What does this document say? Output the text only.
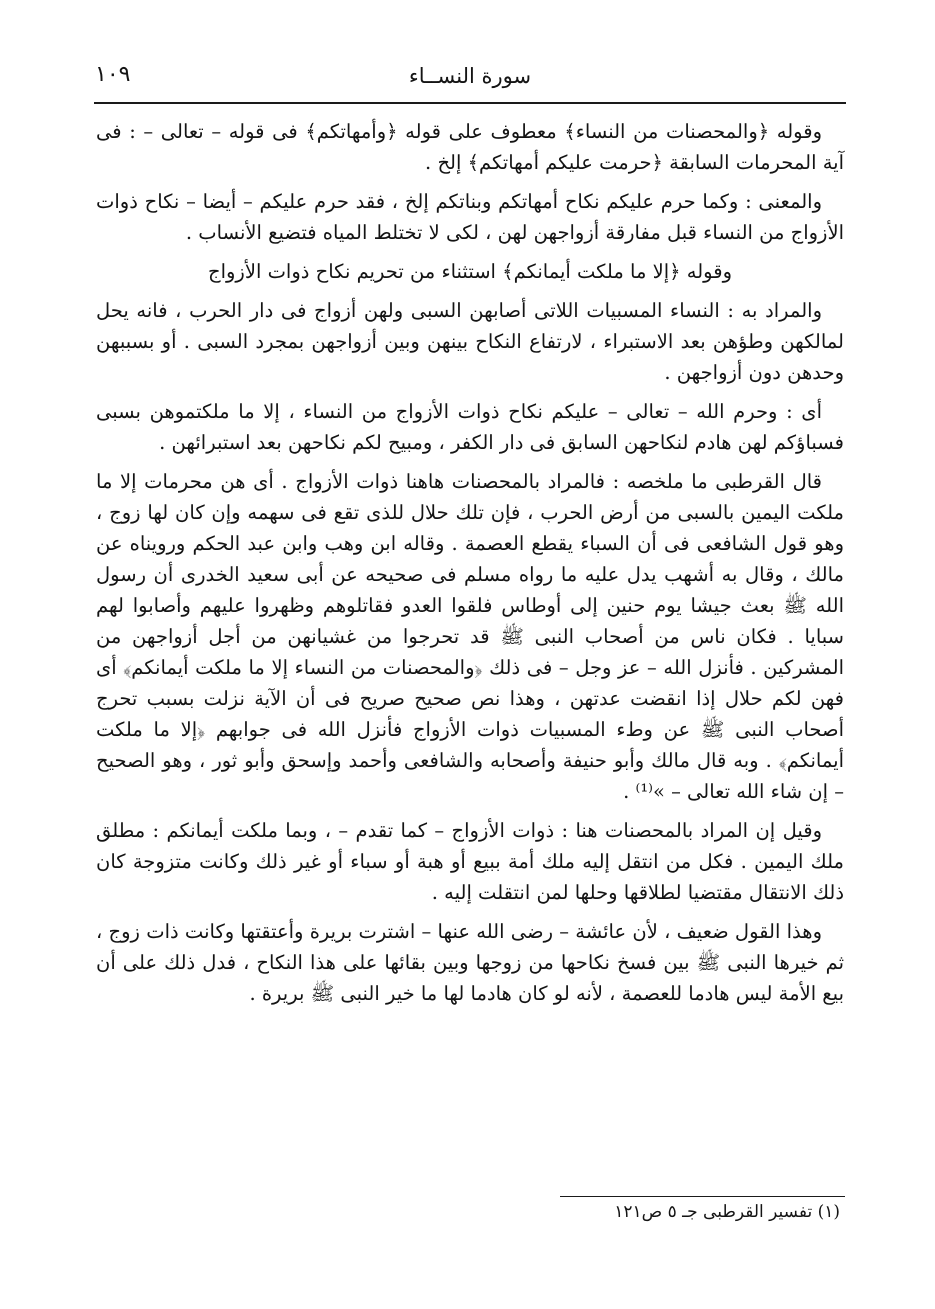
سورة النســاء
١٠٩

وقوله ﴿والمحصنات من النساء﴾ معطوف على قوله ﴿وأمهاتكم﴾ فى قوله – تعالى – : فى آية المحرمات السابقة ﴿حرمت عليكم أمهاتكم﴾ إلخ .

والمعنى : وكما حرم عليكم نكاح أمهاتكم وبناتكم إلخ ، فقد حرم عليكم – أيضا – نكاح ذوات الأزواج من النساء قبل مفارقة أزواجهن لهن ، لكى لا تختلط المياه فتضيع الأنساب .

وقوله ﴿إلا ما ملكت أيمانكم﴾ استثناء من تحريم نكاح ذوات الأزواج

والمراد به : النساء المسبيات اللاتى أصابهن السبى ولهن أزواج فى دار الحرب ، فانه يحل لمالكهن وطؤهن بعد الاستبراء ، لارتفاع النكاح بينهن وبين أزواجهن بمجرد السبى . أو بسببهن وحدهن دون أزواجهن .

أى : وحرم الله – تعالى – عليكم نكاح ذوات الأزواج من النساء ، إلا ما ملكتموهن بسبى فسباؤكم لهن هادم لنكاحهن السابق فى دار الكفر ، ومبيح لكم نكاحهن بعد استبرائهن .

قال القرطبى ما ملخصه : فالمراد بالمحصنات هاهنا ذوات الأزواج . أى هن محرمات إلا ما ملكت اليمين بالسبى من أرض الحرب ، فإن تلك حلال للذى تقع فى سهمه وإن كان لها زوج ، وهو قول الشافعى فى أن السباء يقطع العصمة . وقاله ابن وهب وابن عبد الحكم ورويناه عن مالك ، وقال به أشهب يدل عليه ما رواه مسلم فى صحيحه عن أبى سعيد الخدرى أن رسول الله ﷺ بعث جيشا يوم حنين إلى أوطاس فلقوا العدو فقاتلوهم وظهروا عليهم وأصابوا لهم سبايا . فكان ناس من أصحاب النبى ﷺ قد تحرجوا من غشيانهن من أجل أزواجهن من المشركين . فأنزل الله – عز وجل – فى ذلك ﴿والمحصنات من النساء إلا ما ملكت أيمانكم﴾ أى فهن لكم حلال إذا انقضت عدتهن ، وهذا نص صحيح صريح فى أن الآية نزلت بسبب تحرج أصحاب النبى ﷺ عن وطء المسبيات ذوات الأزواج فأنزل الله فى جوابهم ﴿إلا ما ملكت أيمانكم﴾ . وبه قال مالك وأبو حنيفة وأصحابه والشافعى وأحمد وإسحق وأبو ثور ، وهو الصحيح – إن شاء الله تعالى – »⁽¹⁾ .

وقيل إن المراد بالمحصنات هنا : ذوات الأزواج – كما تقدم – ، وبما ملكت أيمانكم : مطلق ملك اليمين . فكل من انتقل إليه ملك أمة ببيع أو هبة أو سباء أو غير ذلك وكانت متزوجة كان ذلك الانتقال مقتضيا لطلاقها وحلها لمن انتقلت إليه .

وهذا القول ضعيف ، لأن عائشة – رضى الله عنها – اشترت بريرة وأعتقتها وكانت ذات زوج ، ثم خيرها النبى ﷺ بين فسخ نكاحها من زوجها وبين بقائها على هذا النكاح ، فدل ذلك على أن بيع الأمة ليس هادما للعصمة ، لأنه لو كان هادما لها ما خير النبى ﷺ بريرة .

(١) تفسير القرطبى جـ ٥ ص١٢١
